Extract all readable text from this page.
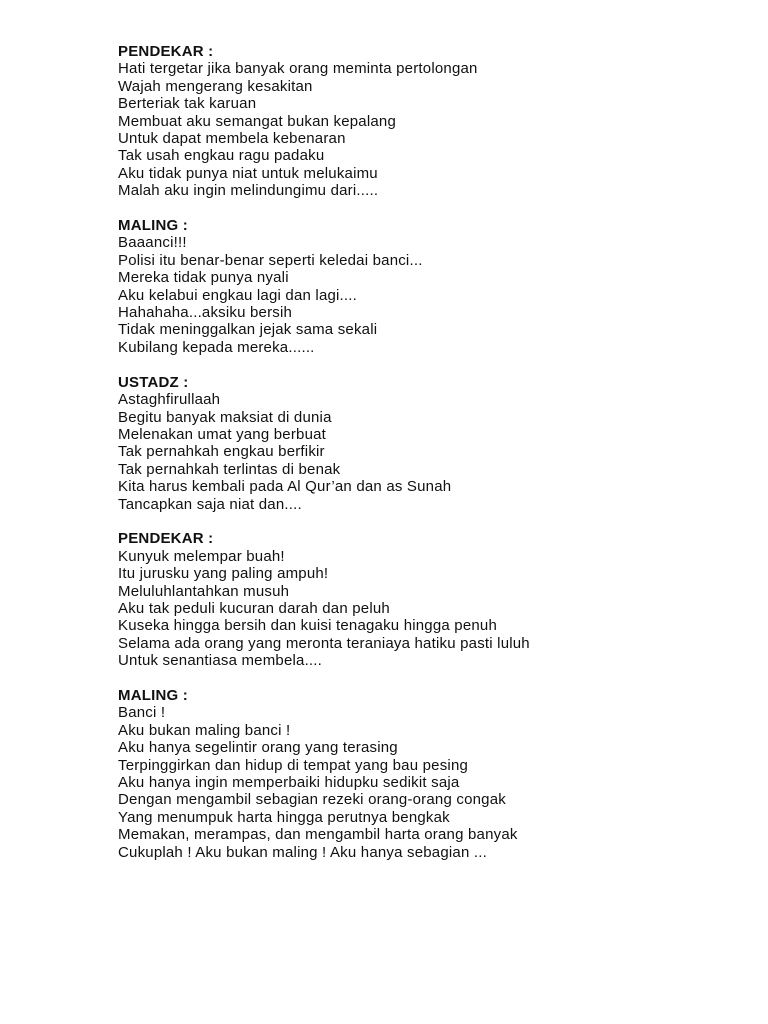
PENDEKAR :
Hati tergetar jika banyak orang meminta pertolongan
Wajah mengerang kesakitan
Berteriak tak karuan
Membuat aku semangat bukan kepalang
Untuk dapat membela kebenaran
Tak usah engkau ragu padaku
Aku tidak punya niat untuk melukaimu
Malah aku ingin melindungimu dari.....
MALING :
Baaanci!!!
Polisi itu benar-benar seperti keledai banci...
Mereka tidak punya nyali
Aku kelabui engkau lagi dan lagi....
Hahahaha...aksiku bersih
Tidak meninggalkan jejak sama sekali
Kubilang kepada mereka......
USTADZ :
Astaghfirullaah
Begitu banyak maksiat di dunia
Melenakan umat yang berbuat
Tak pernahkah engkau berfikir
Tak pernahkah terlintas di benak
Kita harus kembali pada Al Qur’an dan as Sunah
Tancapkan saja niat dan....
PENDEKAR :
Kunyuk melempar buah!
Itu jurusku yang paling ampuh!
Meluluhlantahkan musuh
Aku tak peduli kucuran darah dan peluh
Kuseka hingga bersih dan kuisi tenagaku hingga penuh
Selama ada orang yang meronta teraniaya hatiku pasti luluh
Untuk senantiasa membela....
MALING :
Banci !
Aku bukan maling banci !
Aku hanya segelintir orang yang terasing
Terpinggirkan dan hidup di tempat yang bau pesing
Aku hanya ingin memperbaiki hidupku sedikit saja
Dengan mengambil sebagian rezeki orang-orang congak
Yang menumpuk harta hingga perutnya bengkak
Memakan, merampas, dan mengambil harta orang banyak
Cukuplah ! Aku bukan maling ! Aku hanya sebagian ...
